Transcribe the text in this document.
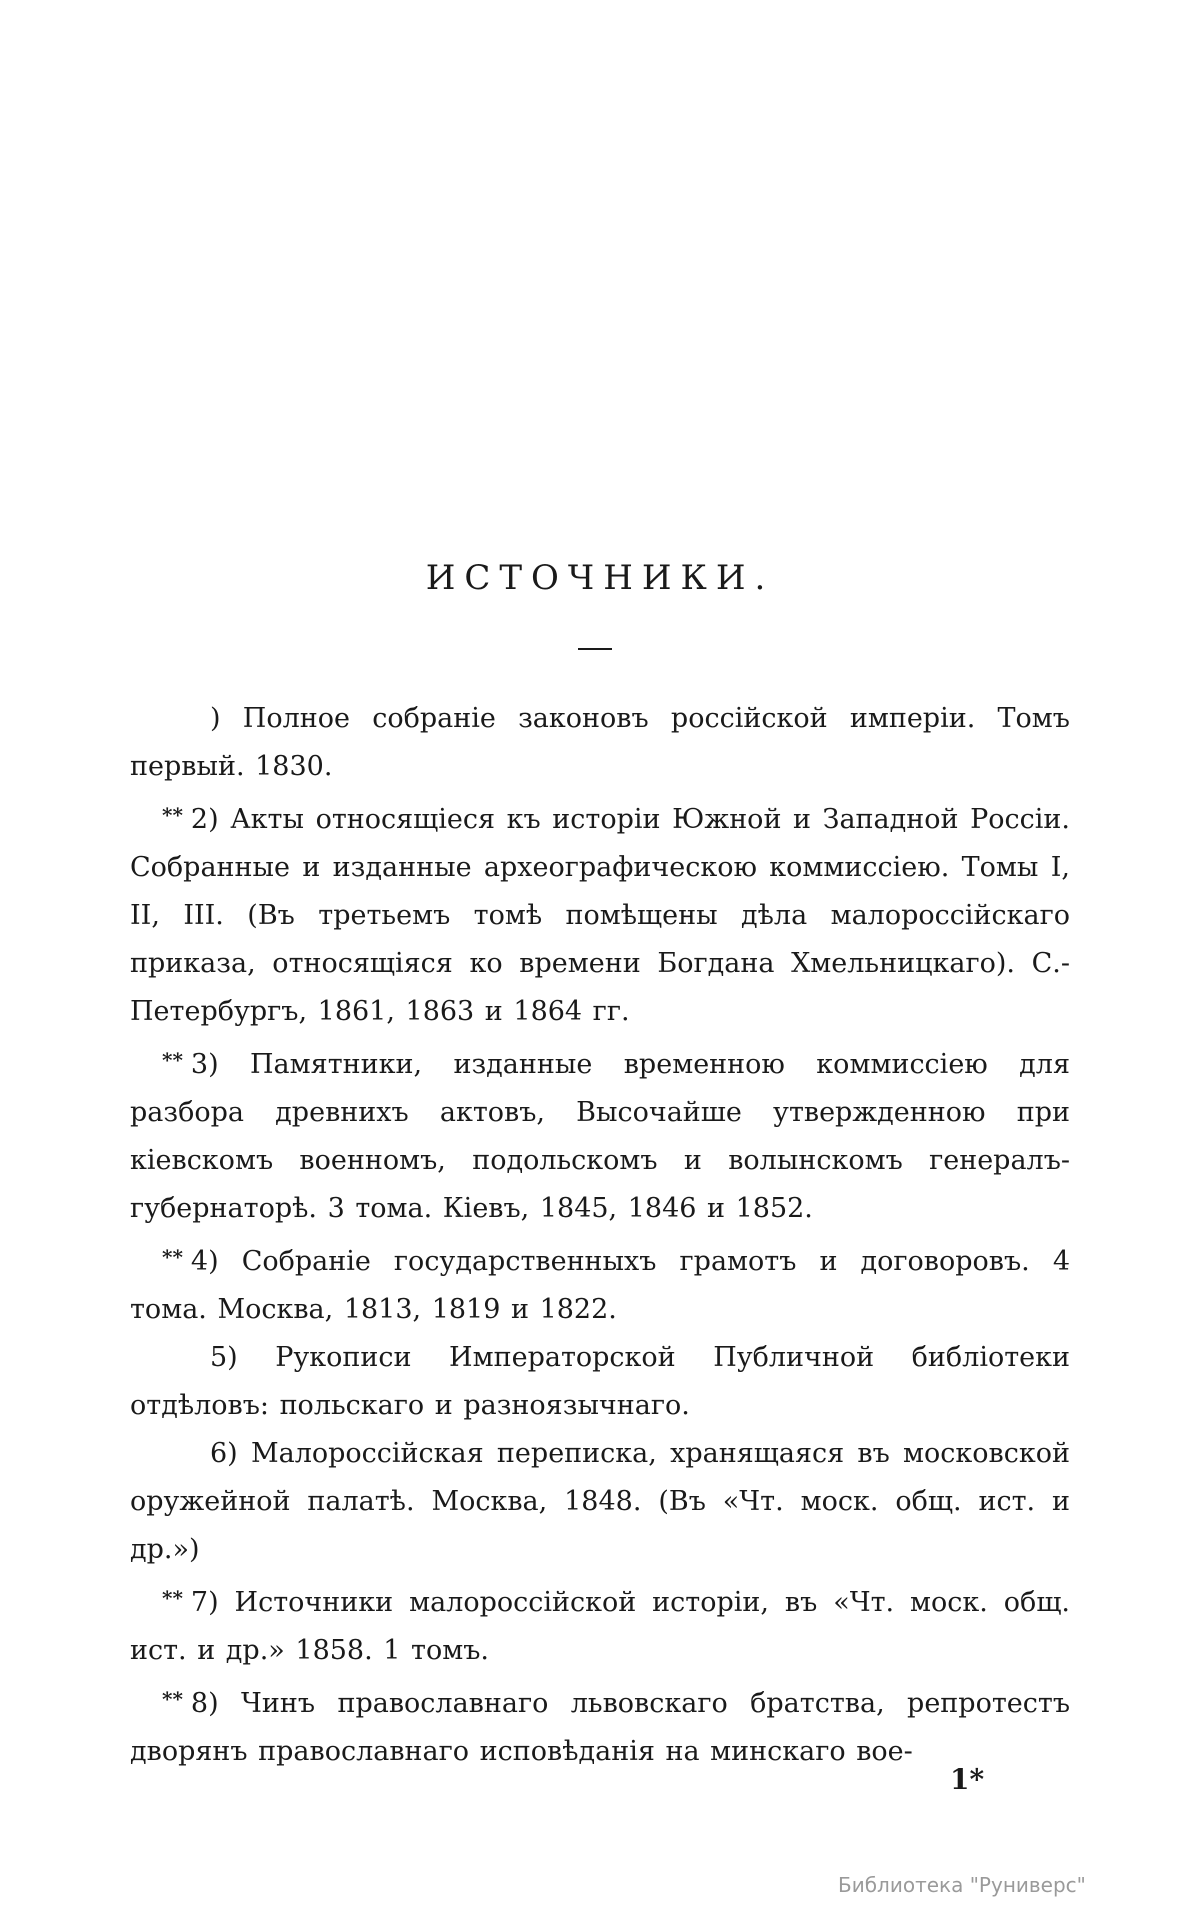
ИСТОЧНИКИ.

) Полное собраніе законовъ россійской имперіи. Томъ первый. 1830.

** 2) Акты относящіеся къ исторіи Южной и Западной Россіи. Собранные и изданные археографическою коммиссіею. Томы I, II, III. (Въ третьемъ томѣ помѣщены дѣла малороссійскаго приказа, относящіяся ко времени Богдана Хмельницкаго). С.-Петербургъ, 1861, 1863 и 1864 гг.

** 3) Памятники, изданные временною коммиссіею для разбора древнихъ актовъ, Высочайше утвержденною при кіевскомъ военномъ, подольскомъ и волынскомъ генералъ-губернаторѣ. 3 тома. Кіевъ, 1845, 1846 и 1852.

** 4) Собраніе государственныхъ грамотъ и договоровъ. 4 тома. Москва, 1813, 1819 и 1822.

5) Рукописи Императорской Публичной библіотеки отдѣловъ: польскаго и разноязычнаго.

6) Малороссійская переписка, хранящаяся въ московской оружейной палатѣ. Москва, 1848. (Въ «Чт. моск. общ. ист. и др.»)

** 7) Источники малороссійской исторіи, въ «Чт. моск. общ. ист. и др.» 1858. 1 томъ.

** 8) Чинъ православнаго львовскаго братства, репротестъ дворянъ православнаго исповѣданія на минскаго вое-

1*
Библиотека "Руниверс"
